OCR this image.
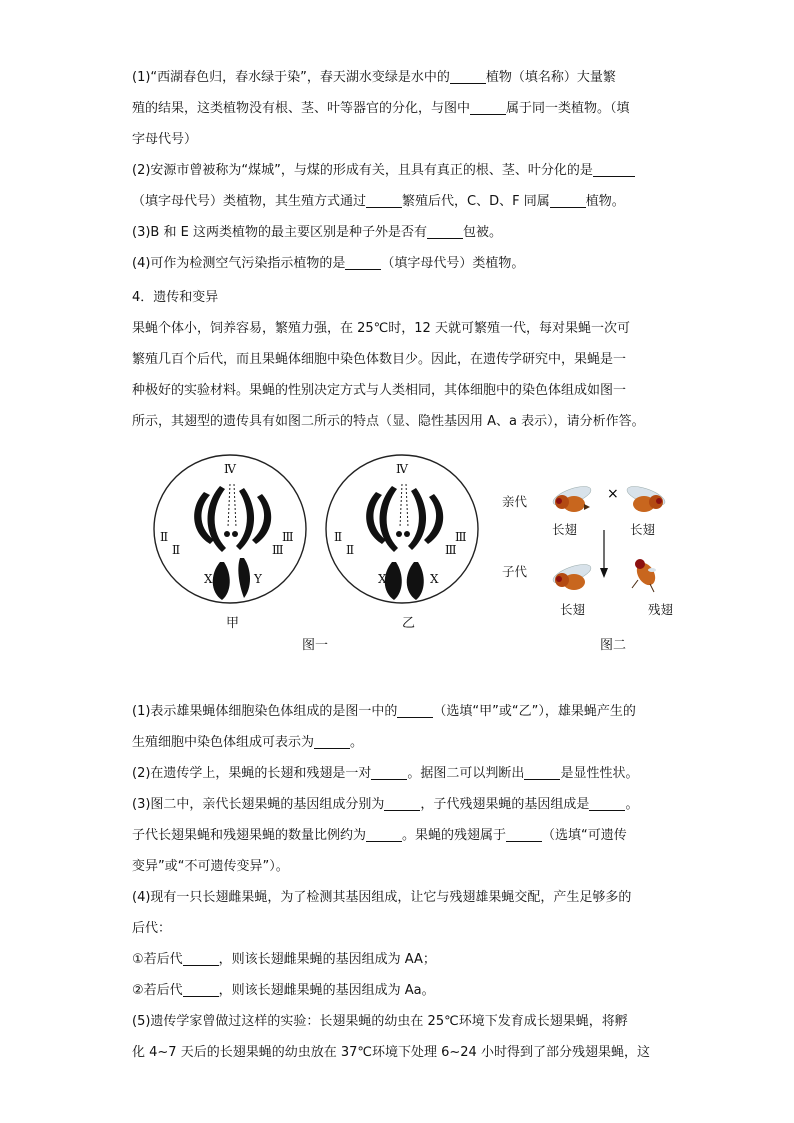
(1)“西湖春色归，春水绿于染”，春天湖水变绿是水中的	植物（填名称）大量繁

殖的结果，这类植物没有根、茎、叶等器官的分化，与图中	属于同一类植物。（填

字母代号）

(2)安源市曾被称为“煤城”，与煤的形成有关，且具有真正的根、茎、叶分化的是

（填字母代号）类植物，其生殖方式通过	繁殖后代，C、D、F 同属	植物。

(3)B 和 E 这两类植物的最主要区别是种子外是否有	包被。

(4)可作为检测空气污染指示植物的是	（填字母代号）类植物。

4．遗传和变异

果蝇个体小，饲养容易，繁殖力强，在 25℃时，12 天就可繁殖一代，每对果蝇一次可

繁殖几百个后代，而且果蝇体细胞中染色体数目少。因此，在遗传学研究中，果蝇是一

种极好的实验材料。果蝇的性别决定方式与人类相同，其体细胞中的染色体组成如图一

所示，其翅型的遗传具有如图二所示的特点（显、隐性基因用 A、a 表示），请分析作答。

Ⅳ
Ⅱ
Ⅱ
Ⅲ
Ⅲ
X	Y
甲
Ⅳ
Ⅱ
Ⅱ
Ⅲ
Ⅲ
X	X
乙
图一
×
亲代
长翅	长翅
子代
长翅	残翅
图二

(1)表示雄果蝇体细胞染色体组成的是图一中的	（选填“甲”或“乙”），雄果蝇产生的

生殖细胞中染色体组成可表示为	。

(2)在遗传学上，果蝇的长翅和残翅是一对	。据图二可以判断出	是显性性状。

(3)图二中，亲代长翅果蝇的基因组成分别为	，子代残翅果蝇的基因组成是	。

子代长翅果蝇和残翅果蝇的数量比例约为	。果蝇的残翅属于	（选填“可遗传

变异”或“不可遗传变异”）。

(4)现有一只长翅雌果蝇，为了检测其基因组成，让它与残翅雄果蝇交配，产生足够多的

后代：

①若后代	，则该长翅雌果蝇的基因组成为 AA；

②若后代	，则该长翅雌果蝇的基因组成为 Aa。

(5)遗传学家曾做过这样的实验：长翅果蝇的幼虫在 25℃环境下发育成长翅果蝇，将孵

化 4~7 天后的长翅果蝇的幼虫放在 37℃环境下处理 6~24 小时得到了部分残翅果蝇，这
